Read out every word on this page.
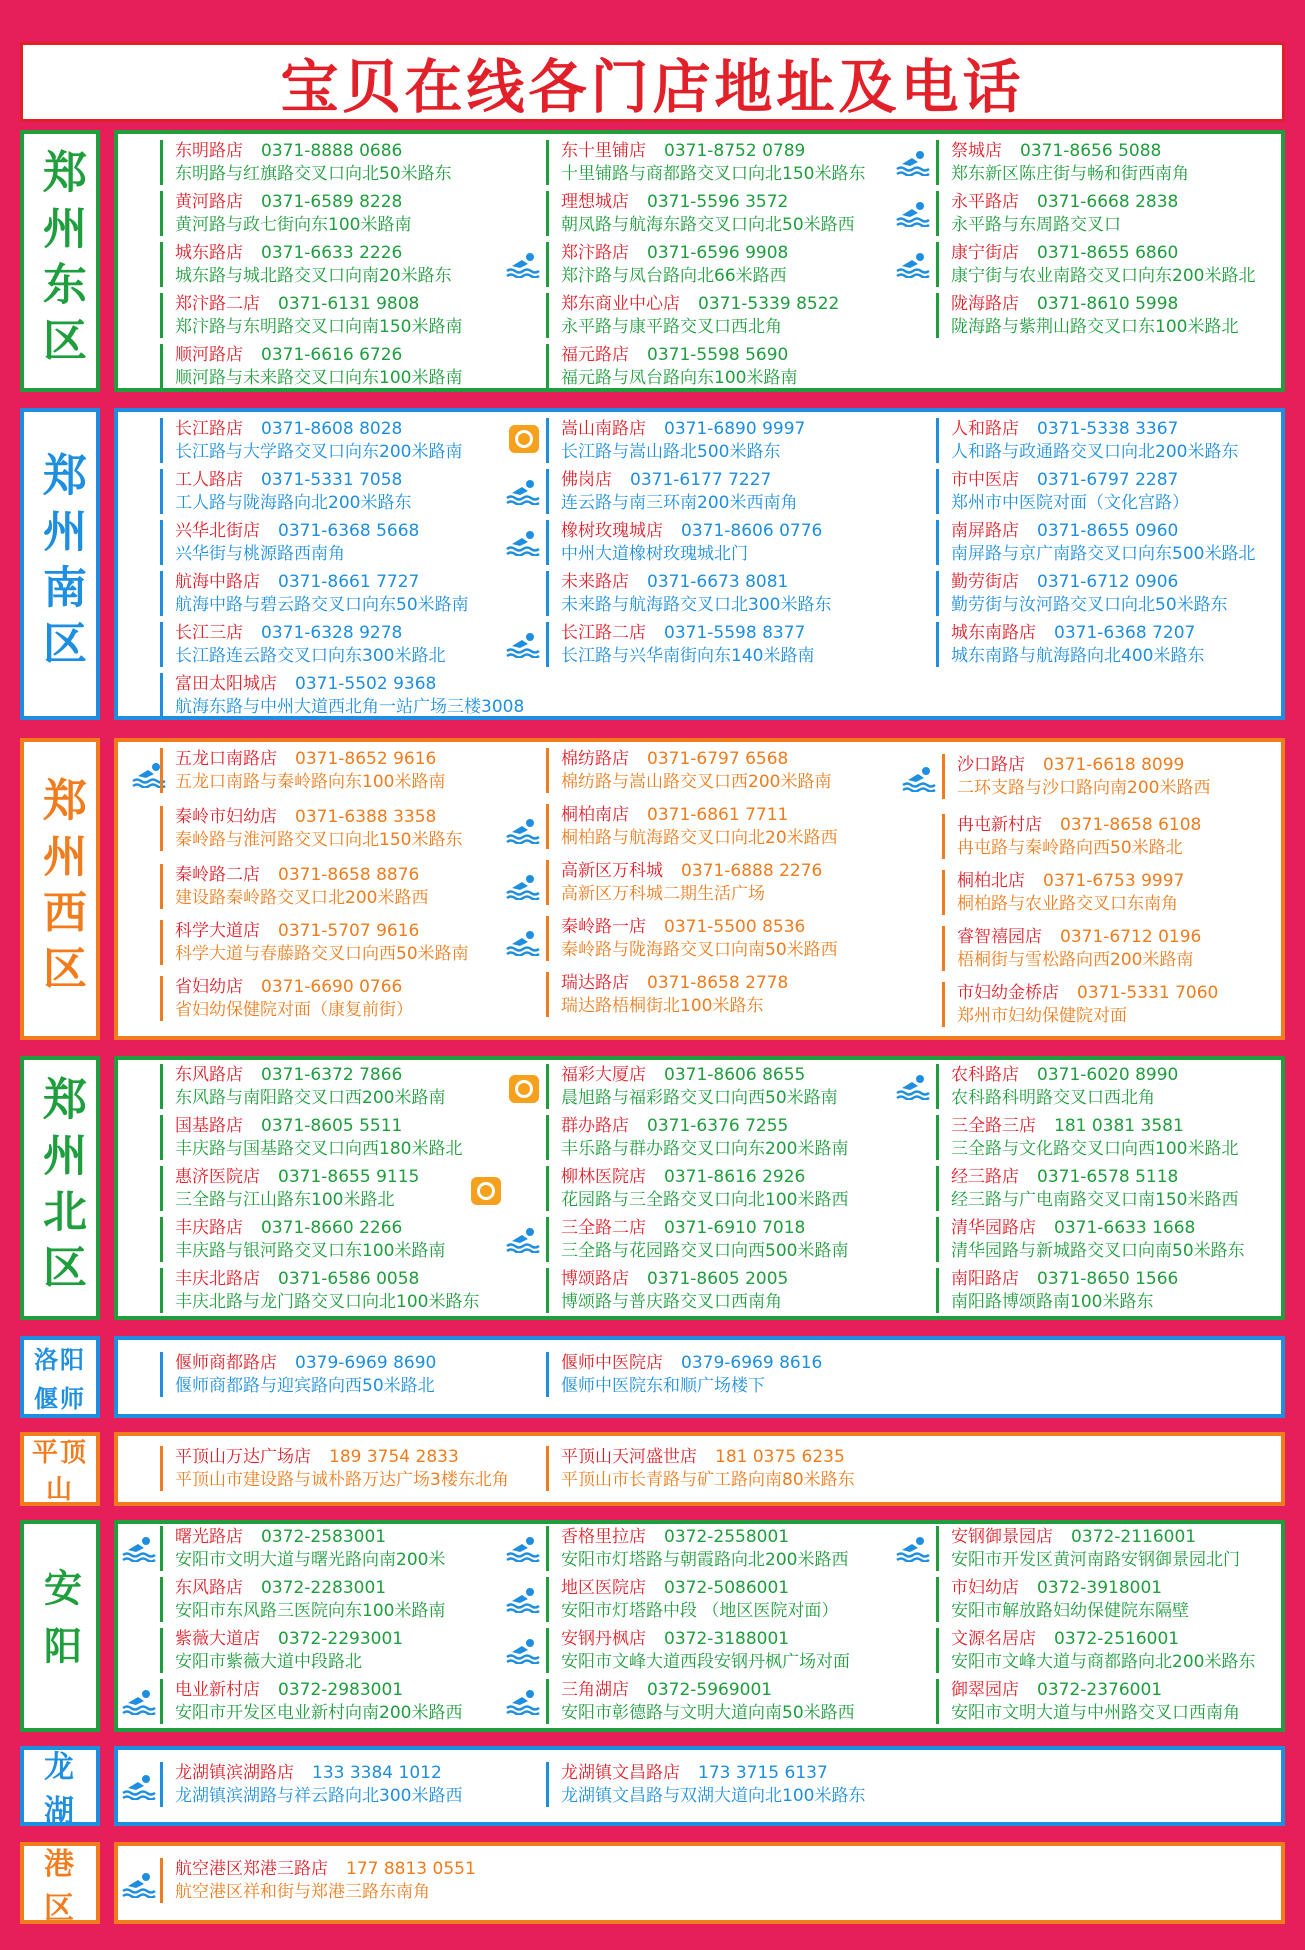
宝贝在线各门店地址及电话
郑州东区	东明路店 0371-8888 0686
东明路与红旗路交叉口向北50米路东
黄河路店 0371-6589 8228
黄河路与政七街向东100米路南
城东路店 0371-6633 2226
城东路与城北路交叉口向南20米路东
郑汴路二店 0371-6131 9808
郑汴路与东明路交叉口向南150米路南
顺河路店 0371-6616 6726
顺河路与未来路交叉口向东100米路南
东十里铺店 0371-8752 0789
十里铺路与商都路交叉口向北150米路东
理想城店 0371-5596 3572
朝凤路与航海东路交叉口向北50米路西
郑汴路店 0371-6596 9908
郑汴路与凤台路向北66米路西
郑东商业中心店 0371-5339 8522
永平路与康平路交叉口西北角
福元路店 0371-5598 5690
福元路与凤台路向东100米路南
祭城店 0371-8656 5088
郑东新区陈庄街与畅和街西南角
永平路店 0371-6668 2838
永平路与东周路交叉口
康宁街店 0371-8655 6860
康宁街与农业南路交叉口向东200米路北
陇海路店 0371-8610 5998
陇海路与紫荆山路交叉口东100米路北
郑州南区
长江路店 0371-8608 8028
长江路与大学路交叉口向东200米路南
工人路店 0371-5331 7058
工人路与陇海路向北200米路东
兴华北街店 0371-6368 5668
兴华街与桃源路西南角
航海中路店 0371-8661 7727
航海中路与碧云路交叉口向东50米路南
长江三店 0371-6328 9278
长江路连云路交叉口向东300米路北
富田太阳城店 0371-5502 9368
航海东路与中州大道西北角一站广场三楼3008
嵩山南路店 0371-6890 9997
长江路与嵩山路北500米路东
佛岗店 0371-6177 7227
连云路与南三环南200米西南角
橡树玫瑰城店 0371-8606 0776
中州大道橡树玫瑰城北门
未来路店 0371-6673 8081
未来路与航海路交叉口北300米路东
长江路二店 0371-5598 8377
长江路与兴华南街向东140米路南
人和路店 0371-5338 3367
人和路与政通路交叉口向北200米路东
市中医店 0371-6797 2287
郑州市中医院对面（文化宫路）
南屏路店 0371-8655 0960
南屏路与京广南路交叉口向东500米路北
勤劳街店 0371-6712 0906
勤劳街与汝河路交叉口向北50米路东
城东南路店 0371-6368 7207
城东南路与航海路向北400米路东
郑州西区
五龙口南路店 0371-8652 9616
五龙口南路与秦岭路向东100米路南
秦岭市妇幼店 0371-6388 3358
秦岭路与淮河路交叉口向北150米路东
秦岭路二店 0371-8658 8876
建设路秦岭路交叉口北200米路西
科学大道店 0371-5707 9616
科学大道与春藤路交叉口向西50米路南
省妇幼店 0371-6690 0766
省妇幼保健院对面（康复前街）
棉纺路店 0371-6797 6568
棉纺路与嵩山路交叉口西200米路南
桐柏南店 0371-6861 7711
桐柏路与航海路交叉口向北20米路西
高新区万科城 0371-6888 2276
高新区万科城二期生活广场
秦岭路一店 0371-5500 8536
秦岭路与陇海路交叉口向南50米路西
瑞达路店 0371-8658 2778
瑞达路梧桐街北100米路东
沙口路店 0371-6618 8099
二环支路与沙口路向南200米路西
冉屯新村店 0371-8658 6108
冉屯路与秦岭路向西50米路北
桐柏北店 0371-6753 9997
桐柏路与农业路交叉口东南角
睿智禧园店 0371-6712 0196
梧桐街与雪松路向西200米路南
市妇幼金桥店 0371-5331 7060
郑州市妇幼保健院对面
郑州北区
东风路店 0371-6372 7866
东风路与南阳路交叉口西200米路南
国基路店 0371-8605 5511
丰庆路与国基路交叉口向西180米路北
惠济医院店 0371-8655 9115
三全路与江山路东100米路北
丰庆路店 0371-8660 2266
丰庆路与银河路交叉口东100米路南
丰庆北路店 0371-6586 0058
丰庆北路与龙门路交叉口向北100米路东
福彩大厦店 0371-8606 8655
晨旭路与福彩路交叉口向西50米路南
群办路店 0371-6376 7255
丰乐路与群办路交叉口向东200米路南
柳林医院店 0371-8616 2926
花园路与三全路交叉口向北100米路西
三全路二店 0371-6910 7018
三全路与花园路交叉口向西500米路南
博颂路店 0371-8605 2005
博颂路与普庆路交叉口西南角
农科路店 0371-6020 8990
农科路科明路交叉口西北角
三全路三店 181 0381 3581
三全路与文化路交叉口向西100米路北
经三路店 0371-6578 5118
经三路与广电南路交叉口南150米路西
清华园路店 0371-6633 1668
清华园路与新城路交叉口向南50米路东
南阳路店 0371-8650 1566
南阳路博颂路南100米路东
洛阳
偃师
偃师商都路店 0379-6969 8690
偃师商都路与迎宾路向西50米路北
偃师中医院店 0379-6969 8616
偃师中医院东和顺广场楼下
平顶
山
平顶山万达广场店 189 3754 2833
平顶山市建设路与诚朴路万达广场3楼东北角
平顶山天河盛世店 181 0375 6235
平顶山市长青路与矿工路向南80米路东
安阳
曙光路店 0372-2583001
安阳市文明大道与曙光路向南200米
东风路店 0372-2283001
安阳市东风路三医院向东100米路南
紫薇大道店 0372-2293001
安阳市紫薇大道中段路北
电业新村店 0372-2983001
安阳市开发区电业新村向南200米路西
香格里拉店 0372-2558001
安阳市灯塔路与朝霞路向北200米路西
地区医院店 0372-5086001
安阳市灯塔路中段 （地区医院对面）
安钢丹枫店 0372-3188001
安阳市文峰大道西段安钢丹枫广场对面
三角湖店 0372-5969001
安阳市彰德路与文明大道向南50米路西
安钢御景园店 0372-2116001
安阳市开发区黄河南路安钢御景园北门
市妇幼店 0372-3918001
安阳市解放路妇幼保健院东隔壁
文源名居店 0372-2516001
安阳市文峰大道与商都路向北200米路东
御翠园店 0372-2376001
安阳市文明大道与中州路交叉口西南角
龙
湖
龙湖镇滨湖路店 133 3384 1012
龙湖镇滨湖路与祥云路向北300米路西
龙湖镇文昌路店 173 3715 6137
龙湖镇文昌路与双湖大道向北100米路东
港
区
航空港区郑港三路店 177 8813 0551
航空港区祥和街与郑港三路东南角
